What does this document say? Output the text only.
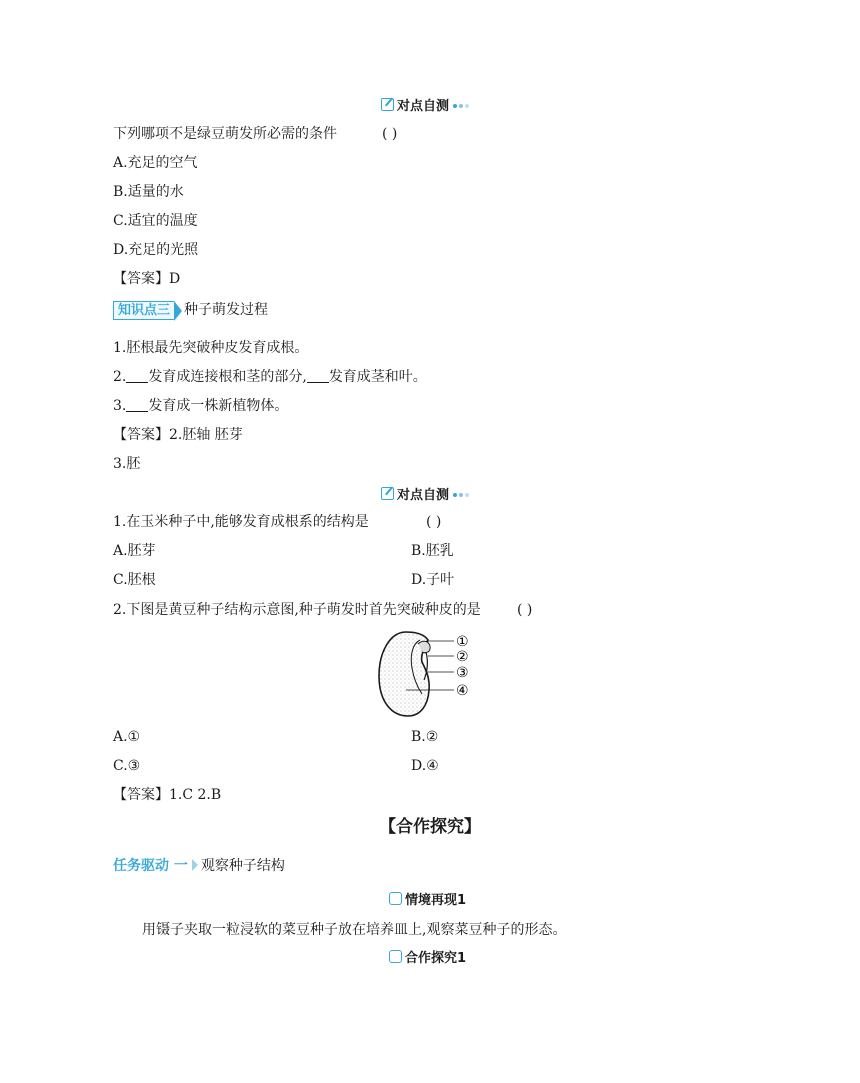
对点自测
下列哪项不是绿豆萌发所必需的条件	( )
A.充足的空气
B.适量的水
C.适宜的温度
D.充足的光照
【答案】D
知识点三 种子萌发过程
1.胚根最先突破种皮发育成根。
2. 发育成连接根和茎的部分, 发育成茎和叶。
3. 发育成一株新植物体。
【答案】2.胚轴 胚芽
3.胚
对点自测
1.在玉米种子中,能够发育成根系的结构是	( )
A.胚芽	B.胚乳
C.胚根	D.子叶
2.下图是黄豆种子结构示意图,种子萌发时首先突破种皮的是	( )
①
②
③
④
A.①	B.②
C.③	D.④
【答案】1.C 2.B
【合作探究】
任务驱动 一 观察种子结构
情境再现1
用镊子夹取一粒浸软的菜豆种子放在培养皿上,观察菜豆种子的形态。
合作探究1
